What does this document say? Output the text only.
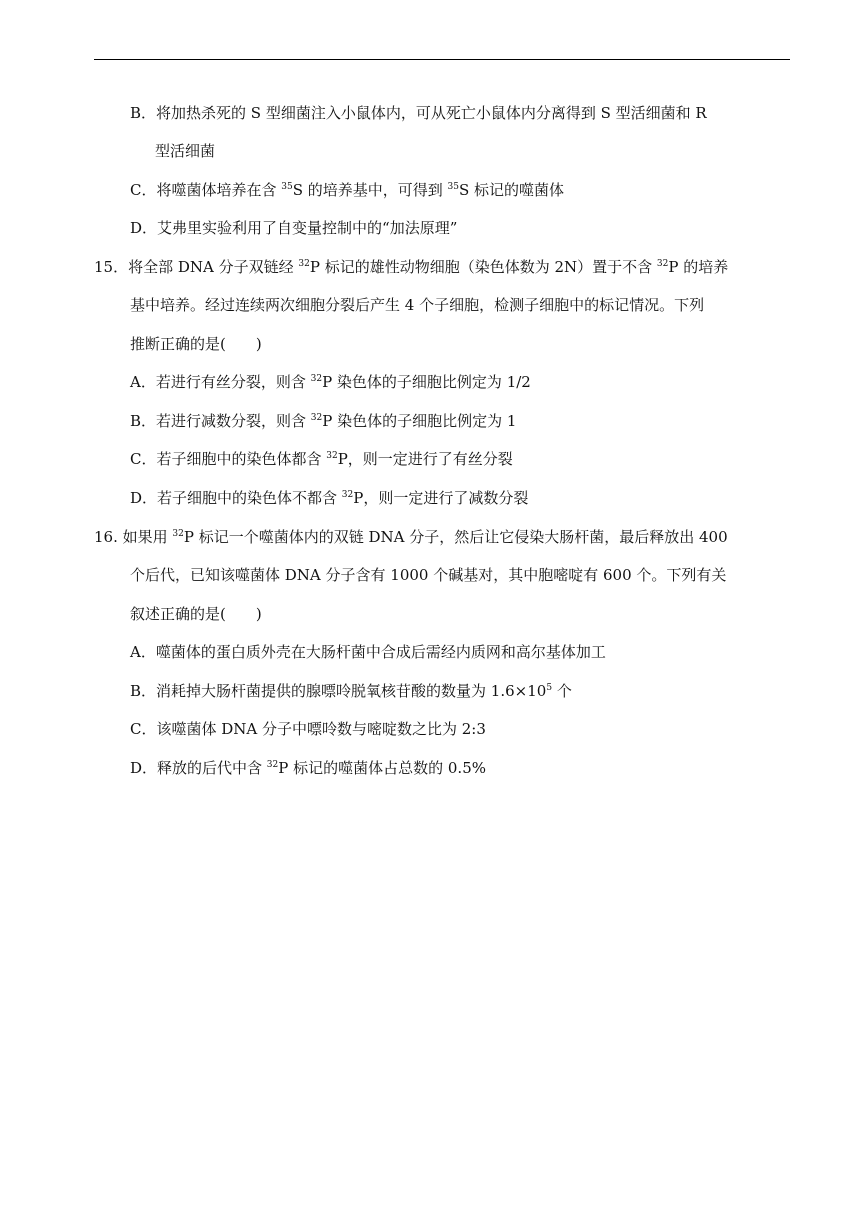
B．将加热杀死的 S 型细菌注入小鼠体内，可从死亡小鼠体内分离得到 S 型活细菌和 R
型活细菌
C．将噬菌体培养在含 $^{35}$S 的培养基中，可得到 $^{35}$S 标记的噬菌体
D．艾弗里实验利用了自变量控制中的“加法原理”
15．将全部 DNA 分子双链经 $^{32}$P 标记的雄性动物细胞（染色体数为 2N）置于不含 $^{32}$P 的培养
基中培养。经过连续两次细胞分裂后产生 4 个子细胞，检测子细胞中的标记情况。下列
推断正确的是(　　)
A．若进行有丝分裂，则含 $^{32}$P 染色体的子细胞比例定为 1/2
B．若进行减数分裂，则含 $^{32}$P 染色体的子细胞比例定为 1
C．若子细胞中的染色体都含 $^{32}$P，则一定进行了有丝分裂
D．若子细胞中的染色体不都含 $^{32}$P，则一定进行了减数分裂
16. 如果用 $^{32}$P 标记一个噬菌体内的双链 DNA 分子，然后让它侵染大肠杆菌，最后释放出 400
个后代，已知该噬菌体 DNA 分子含有 1000 个碱基对，其中胞嘧啶有 600 个。下列有关
叙述正确的是(　　)
A．噬菌体的蛋白质外壳在大肠杆菌中合成后需经内质网和高尔基体加工
B．消耗掉大肠杆菌提供的腺嘌呤脱氧核苷酸的数量为 $1.6\times 10^5$ 个
C．该噬菌体 DNA 分子中嘌呤数与嘧啶数之比为 2:3
D．释放的后代中含 $^{32}$P 标记的噬菌体占总数的 0.5%
